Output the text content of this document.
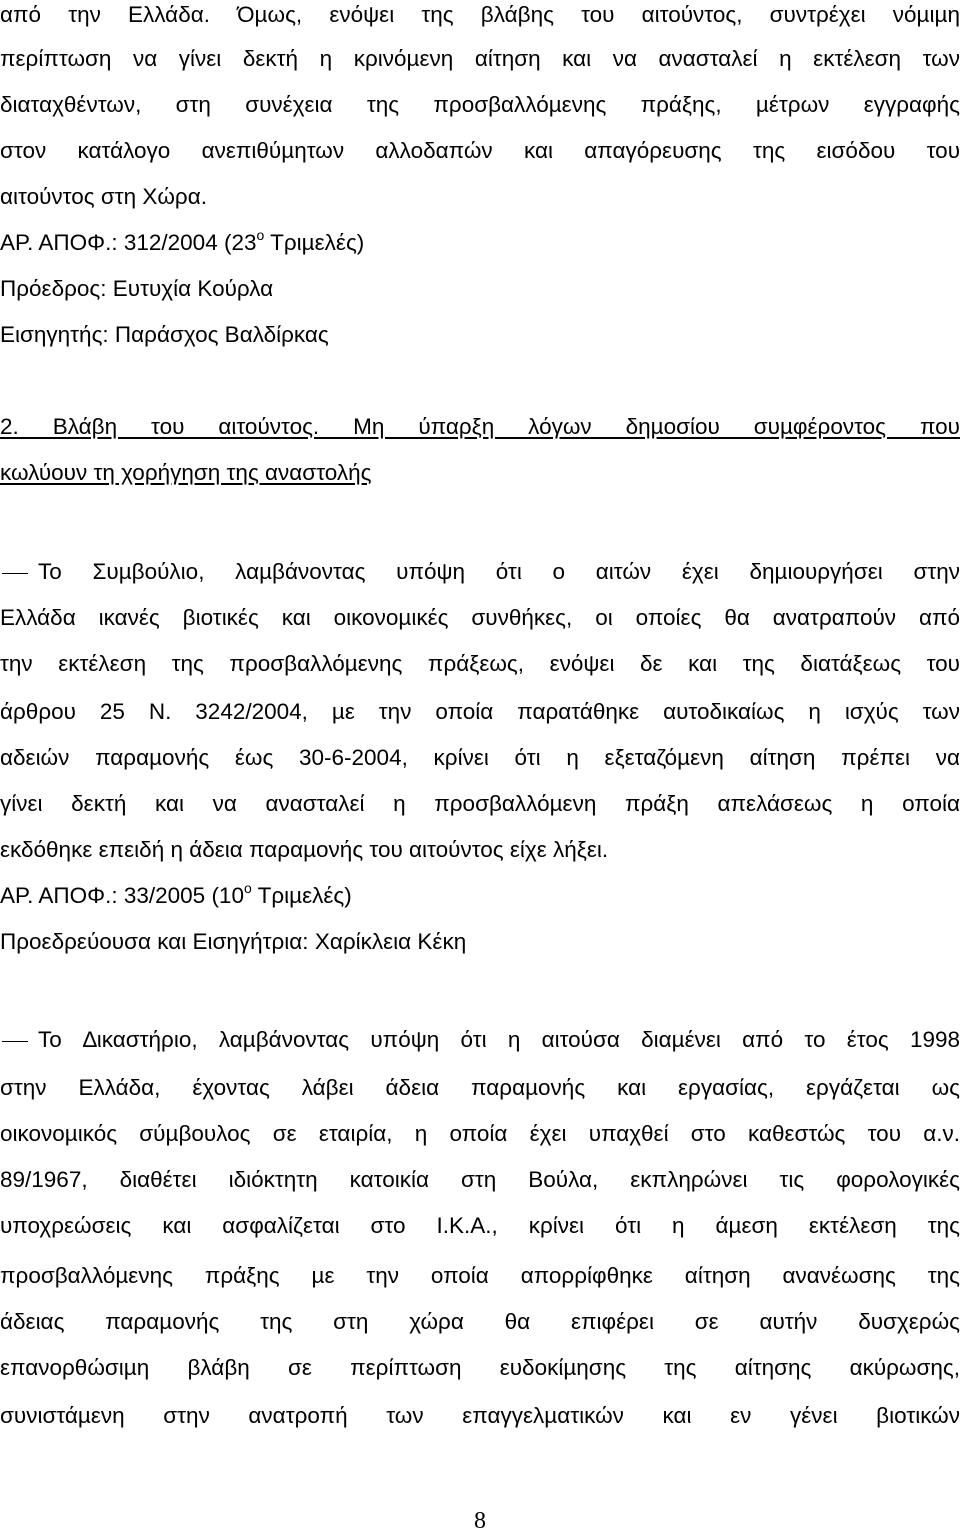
από την Ελλάδα. Όµως, ενόψει της βλάβης του αιτούντος, συντρέχει νόµιµη
περίπτωση να γίνει δεκτή η κρινόµενη αίτηση και να ανασταλεί η εκτέλεση των
διαταχθέντων, στη συνέχεια της προσβαλλόµενης πράξης, µέτρων εγγραφής
στον κατάλογο ανεπιθύµητων αλλοδαπών και απαγόρευσης της εισόδου του
αιτούντος στη Χώρα.
ΑΡ. ΑΠΟΦ.: 312/2004 ($23^o$ Τριµελές)
Πρόεδρος: Ευτυχία Κούρλα
Εισηγητής: Παράσχος Βαλδίρκας
2. Βλάβη του αιτούντος. Μη ύπαρξη λόγων δηµοσίου συµφέροντος που
κωλύουν τη χορήγηση της αναστολής
Το Συµβούλιο, λαµβάνοντας υπόψη ότι ο αιτών έχει δηµιουργήσει στην
Ελλάδα ικανές βιοτικές και οικονοµικές συνθήκες, οι οποίες θα ανατραπούν από
την εκτέλεση της προσβαλλόµενης πράξεως, ενόψει δε και της διατάξεως του
άρθρου 25 Ν. 3242/2004, µε την οποία παρατάθηκε αυτοδικαίως η ισχύς των
αδειών παραµονής έως 30-6-2004, κρίνει ότι η εξεταζόµενη αίτηση πρέπει να
γίνει δεκτή και να ανασταλεί η προσβαλλόµενη πράξη απελάσεως η οποία
εκδόθηκε επειδή η άδεια παραµονής του αιτούντος είχε λήξει.
ΑΡ. ΑΠΟΦ.: 33/2005 ($10^o$ Τριµελές)
Προεδρεύουσα και Εισηγήτρια: Χαρίκλεια Κέκη
Το ∆ικαστήριο, λαµβάνοντας υπόψη ότι η αιτούσα διαµένει από το έτος 1998
στην Ελλάδα, έχοντας λάβει άδεια παραµονής και εργασίας, εργάζεται ως
οικονοµικός σύµβουλος σε εταιρία, η οποία έχει υπαχθεί στο καθεστώς του α.ν.
89/1967, διαθέτει ιδιόκτητη κατοικία στη Βούλα, εκπληρώνει τις φορολογικές
υποχρεώσεις και ασφαλίζεται στο Ι.Κ.Α., κρίνει ότι η άµεση εκτέλεση της
προσβαλλόµενης πράξης µε την οποία απορρίφθηκε αίτηση ανανέωσης της
άδειας παραµονής της στη χώρα θα επιφέρει σε αυτήν δυσχερώς
επανορθώσιµη βλάβη σε περίπτωση ευδοκίµησης της αίτησης ακύρωσης,
συνιστάµενη στην ανατροπή των επαγγελµατικών και εν γένει βιοτικών
8
